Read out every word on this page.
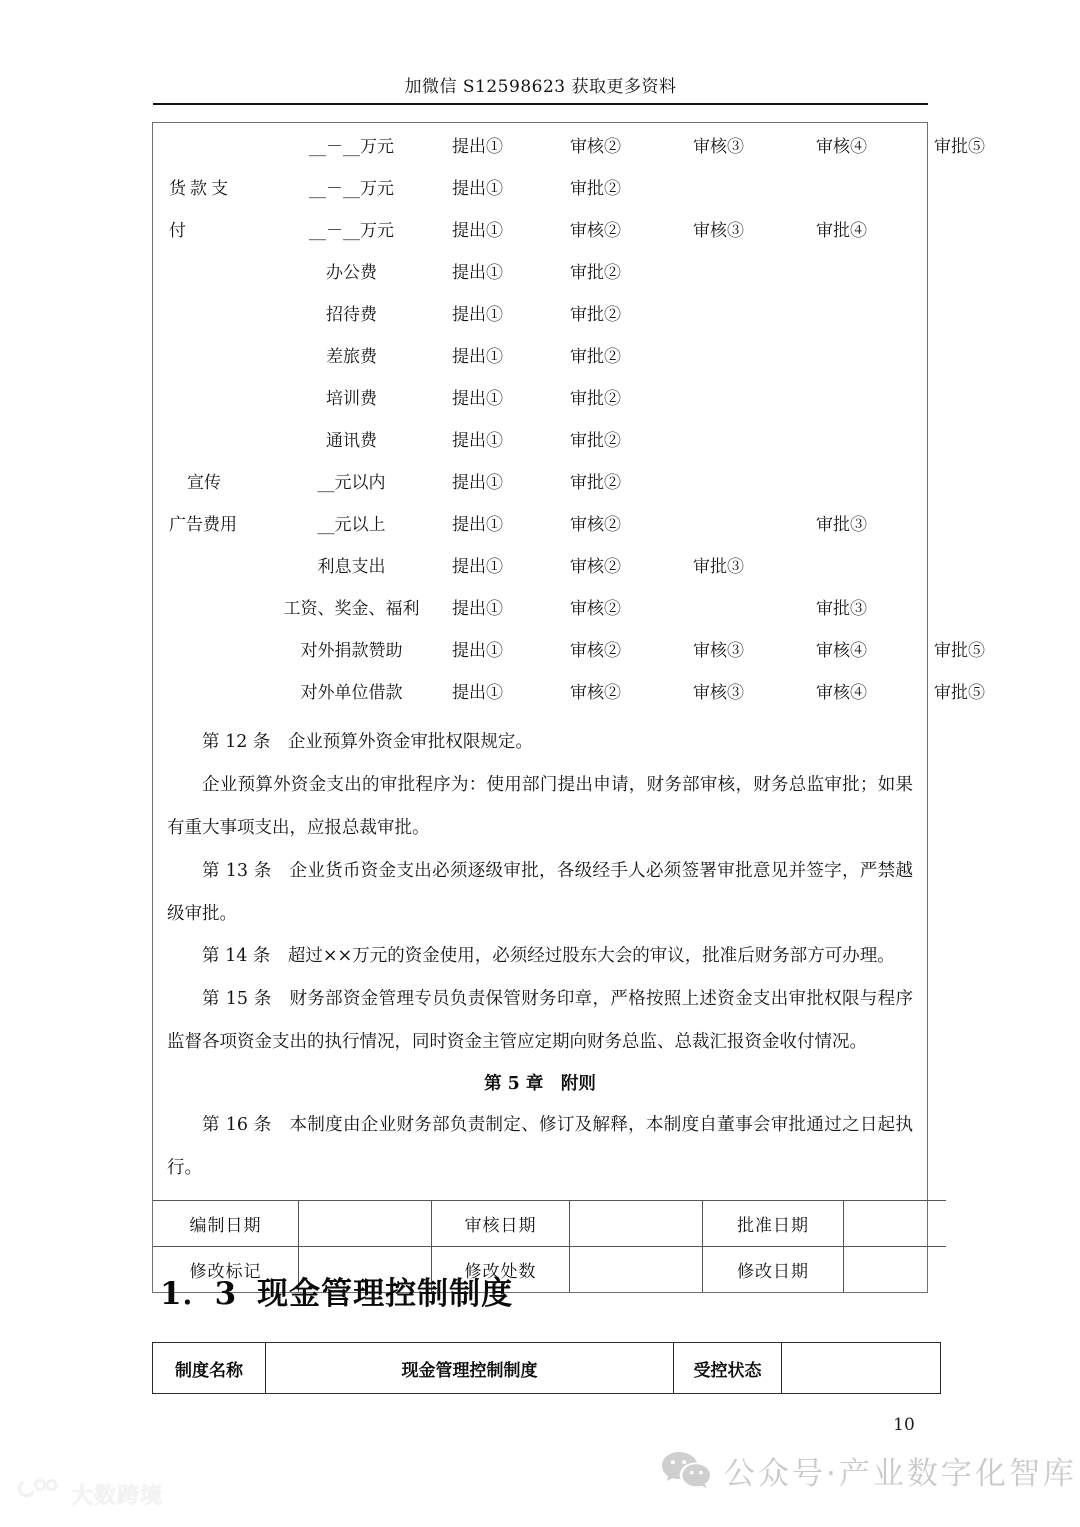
加微信 S12598623 获取更多资料
	__－__万元	提出①	审核②	审核③	审核④	审批⑤
货款支	__－__万元	提出①	审批②			
付	__－__万元	提出①	审核②	审核③	审批④	
	办公费	提出①	审批②			
	招待费	提出①	审批②			
	差旅费	提出①	审批②			
	培训费	提出①	审批②			
	通讯费	提出①	审批②			
宣传	__元以内	提出①	审批②			
广告费用	__元以上	提出①	审核②		审批③	
	利息支出	提出①	审核②	审批③		
	工资、奖金、福利	提出①	审核②		审批③	
	对外捐款赞助	提出①	审核②	审核③	审核④	审批⑤
	对外单位借款	提出①	审核②	审核③	审核④	审批⑤

第 12 条　企业预算外资金审批权限规定。

企业预算外资金支出的审批程序为：使用部门提出申请，财务部审核，财务总监审批；如果有重大事项支出，应报总裁审批。

第 13 条　企业货币资金支出必须逐级审批，各级经手人必须签署审批意见并签字，严禁越级审批。

第 14 条　超过××万元的资金使用，必须经过股东大会的审议，批准后财务部方可办理。

第 15 条　财务部资金管理专员负责保管财务印章，严格按照上述资金支出审批权限与程序监督各项资金支出的执行情况，同时资金主管应定期向财务总监、总裁汇报资金收付情况。

第 5 章　附则

第 16 条　本制度由企业财务部负责制定、修订及解释，本制度自董事会审批通过之日起执行。

编制日期		审核日期		批准日期	
修改标记		修改处数		修改日期	
1．3 现金管理控制制度
制度名称	现金管理控制制度	受控状态	
10
公众号·产业数字化智库
大数跨境
